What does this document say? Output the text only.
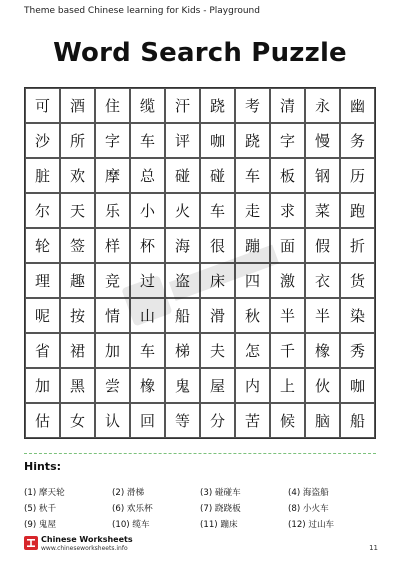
Theme based Chinese learning for Kids - Playground
Word Search Puzzle
可	酒	住	缆	汗	跷	考	清	永	幽
沙	所	字	车	评	咖	跷	字	慢	务
脏	欢	摩	总	碰	碰	车	板	钢	历
尔	天	乐	小	火	车	走	求	菜	跑
轮	签	样	杯	海	很	蹦	面	假	折
理	趣	竞	过	盗	床	四	激	衣	货
呢	按	情	山	船	滑	秋	半	半	染
省	裙	加	车	梯	夫	怎	千	橡	秀
加	黑	尝	橡	鬼	屋	内	上	伙	咖
估	女	认	回	等	分	苦	候	脑	船
Hints:
(1) 摩天轮	(2) 滑梯	(3) 碰碰车	(4) 海盗船
(5) 秋千	(6) 欢乐杯	(7) 跷跷板	(8) 小火车
(9) 鬼屋	(10) 缆车	(11) 蹦床	(12) 过山车
Chinese Worksheets
www.chineseworksheets.info	11
